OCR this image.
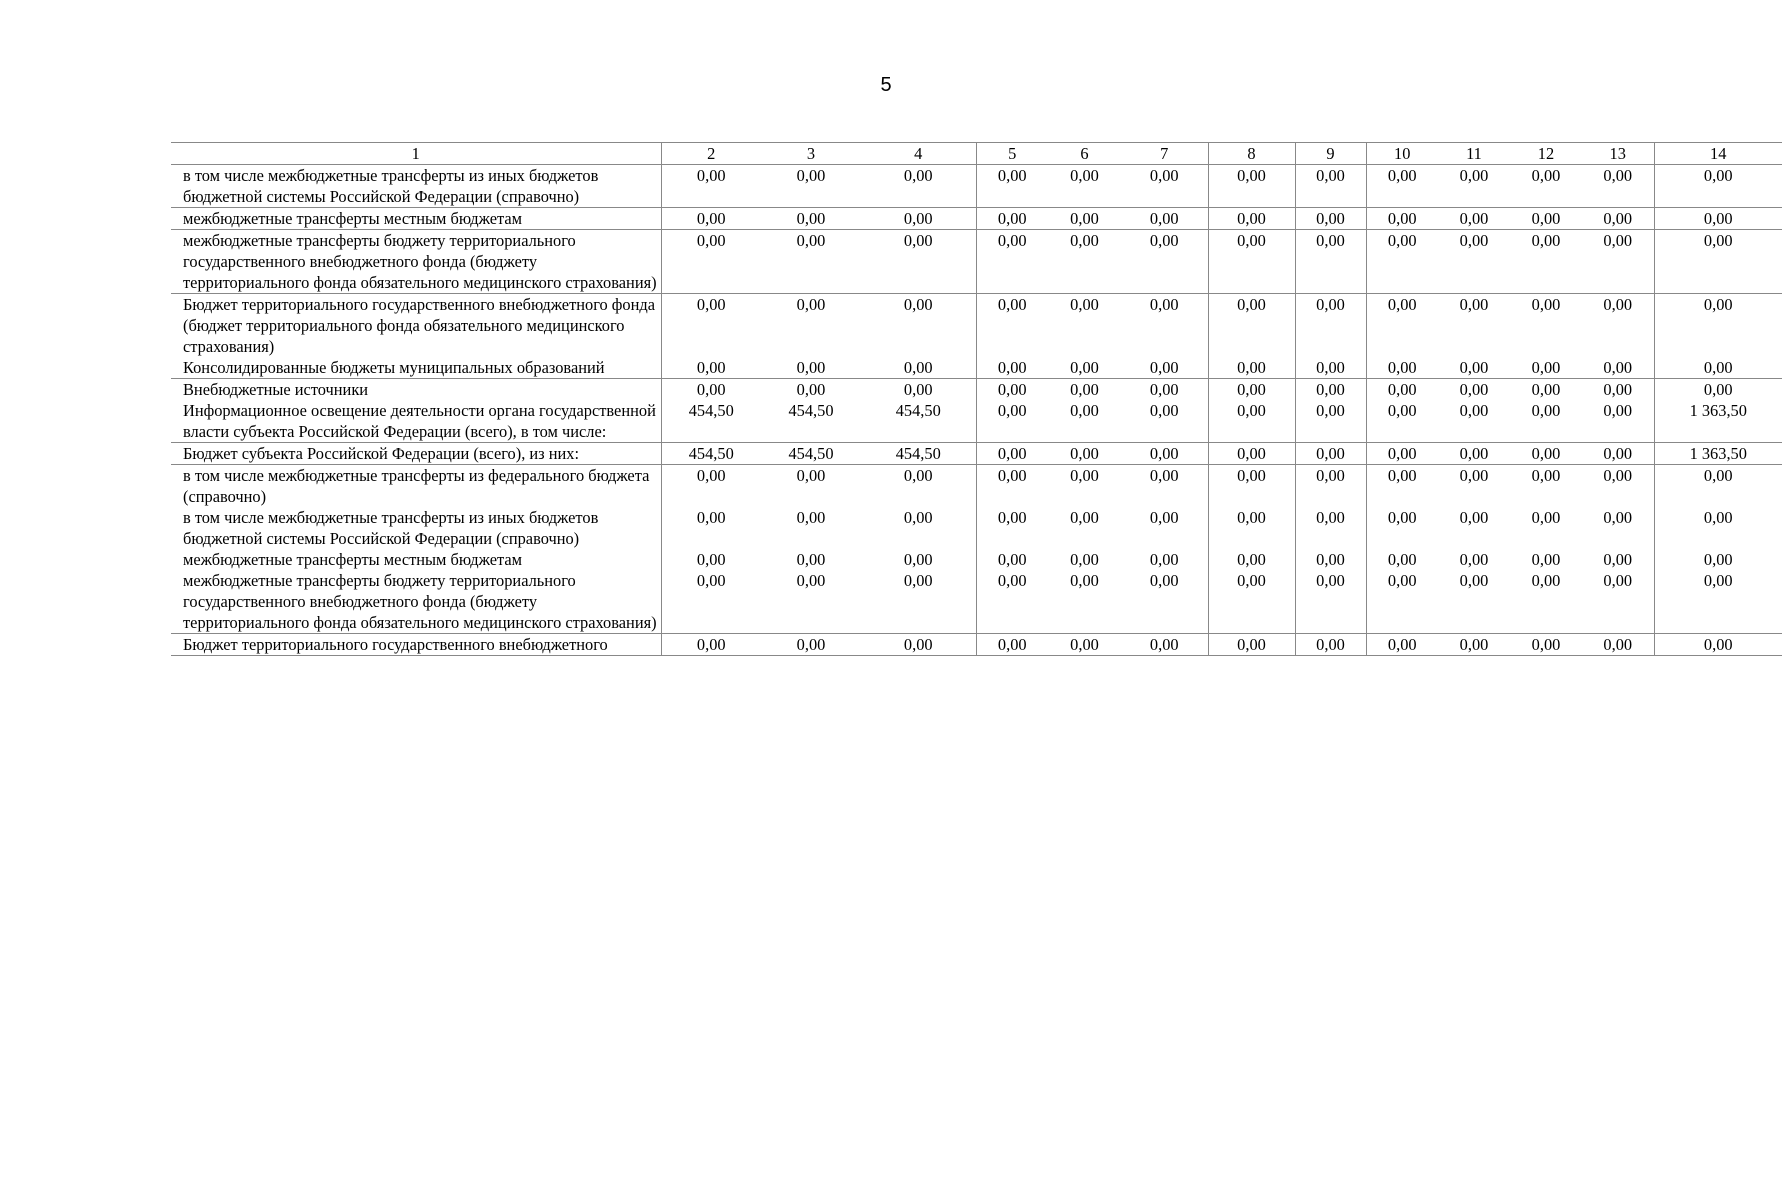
5
1	2	3	4	5	6	7	8	9	10	11	12	13	14
в том числе межбюджетные трансферты из иных бюджетов бюджетной системы Российской Федерации (справочно)	0,00	0,00	0,00	0,00	0,00	0,00	0,00	0,00	0,00	0,00	0,00	0,00	0,00
межбюджетные трансферты местным бюджетам	0,00	0,00	0,00	0,00	0,00	0,00	0,00	0,00	0,00	0,00	0,00	0,00	0,00
межбюджетные трансферты бюджету территориального государственного внебюджетного фонда (бюджету территориального фонда обязательного медицинского страхования)	0,00	0,00	0,00	0,00	0,00	0,00	0,00	0,00	0,00	0,00	0,00	0,00	0,00
Бюджет территориального государственного внебюджетного фонда (бюджет территориального фонда обязательного медицинского страхования)	0,00	0,00	0,00	0,00	0,00	0,00	0,00	0,00	0,00	0,00	0,00	0,00	0,00
Консолидированные бюджеты муниципальных образований	0,00	0,00	0,00	0,00	0,00	0,00	0,00	0,00	0,00	0,00	0,00	0,00	0,00
Внебюджетные источники	0,00	0,00	0,00	0,00	0,00	0,00	0,00	0,00	0,00	0,00	0,00	0,00	0,00
Информационное освещение деятельности органа государственной власти субъекта Российской Федерации (всего), в том числе:	454,50	454,50	454,50	0,00	0,00	0,00	0,00	0,00	0,00	0,00	0,00	0,00	1 363,50
Бюджет субъекта Российской Федерации (всего), из них:	454,50	454,50	454,50	0,00	0,00	0,00	0,00	0,00	0,00	0,00	0,00	0,00	1 363,50
в том числе межбюджетные трансферты из федерального бюджета (справочно)	0,00	0,00	0,00	0,00	0,00	0,00	0,00	0,00	0,00	0,00	0,00	0,00	0,00
в том числе межбюджетные трансферты из иных бюджетов бюджетной системы Российской Федерации (справочно)	0,00	0,00	0,00	0,00	0,00	0,00	0,00	0,00	0,00	0,00	0,00	0,00	0,00
межбюджетные трансферты местным бюджетам	0,00	0,00	0,00	0,00	0,00	0,00	0,00	0,00	0,00	0,00	0,00	0,00	0,00
межбюджетные трансферты бюджету территориального государственного внебюджетного фонда (бюджету территориального фонда обязательного медицинского страхования)	0,00	0,00	0,00	0,00	0,00	0,00	0,00	0,00	0,00	0,00	0,00	0,00	0,00
Бюджет территориального государственного внебюджетного	0,00	0,00	0,00	0,00	0,00	0,00	0,00	0,00	0,00	0,00	0,00	0,00	0,00
